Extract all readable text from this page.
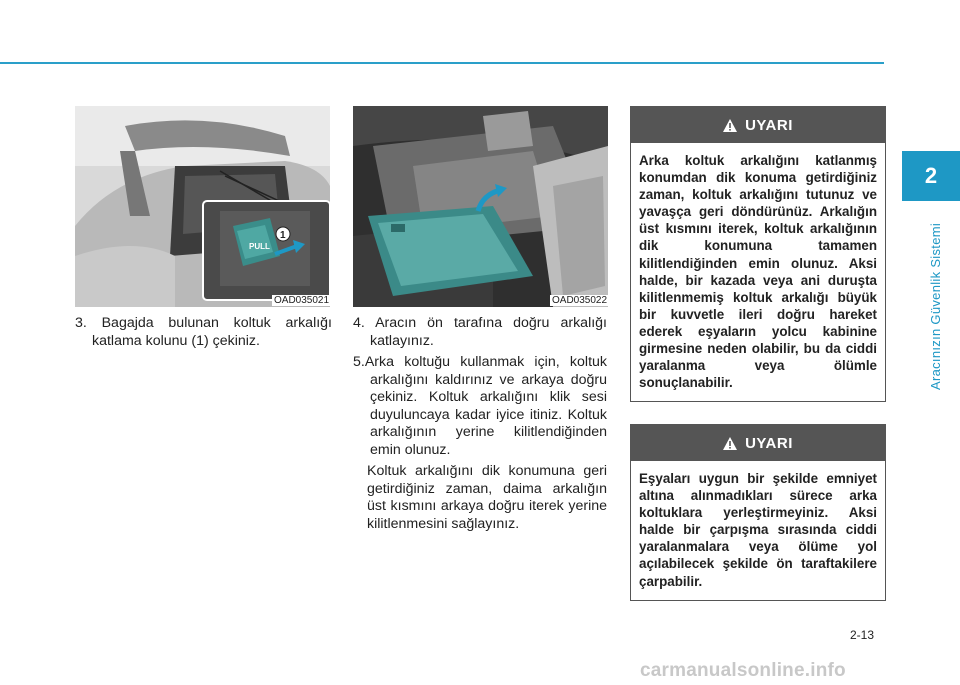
2
Aracınızın Güvenlik Sistemi
PULL
1
OAD035021	OAD035022

3. Bagajda bulunan koltuk arkalığı katlama kolunu (1) çekiniz.

4. Aracın ön tarafına doğru arkalığı katlayınız.

5.Arka koltuğu kullanmak için, koltuk arkalığını kaldırınız ve arkaya doğru çekiniz. Koltuk arkalığını klik sesi duyuluncaya kadar iyice itiniz. Koltuk arkalığının yerine kilitlendiğinden emin olunuz.

Koltuk arkalığını dik konumuna geri getirdiğiniz zaman, daima arkalığın üst kısmını arkaya doğru iterek yerine kilitlenmesini sağlayınız.

UYARI
Arka koltuk arkalığını katlanmış konumdan dik konuma getirdiğiniz zaman, koltuk arkalığını tutunuz ve yavaşça geri döndürünüz. Arkalığın üst kısmını iterek, koltuk arkalığının dik konumuna tamamen kilitlendiğinden emin olunuz. Aksi halde, bir kazada veya ani duruşta kilitlenmemiş koltuk arkalığı büyük bir kuvvetle ileri doğru hareket ederek eşyaların yolcu kabinine girmesine neden olabilir, bu da ciddi yaralanma veya ölümle sonuçlanabilir.
UYARI
Eşyaları uygun bir şekilde emniyet altına alınmadıkları sürece arka koltuklara yerleştirmeyiniz. Aksi halde bir çarpışma sırasında ciddi yaralanmalara veya ölüme yol açılabilecek şekilde ön taraftakilere çarpabilir.
2-13
carmanualsonline.info
